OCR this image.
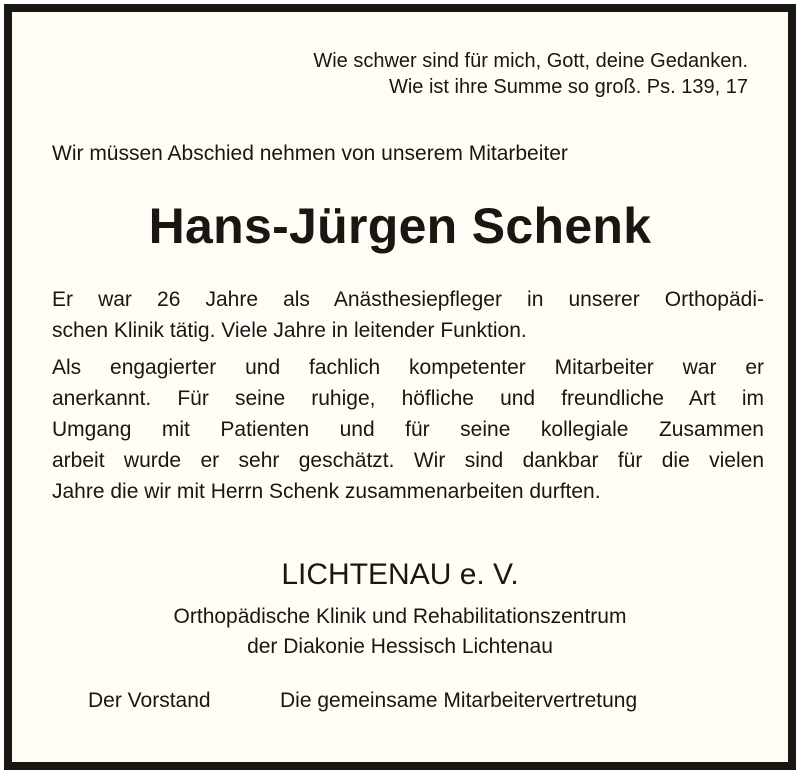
Wie schwer sind für mich, Gott, deine Gedanken.
Wie ist ihre Summe so groß. Ps. 139, 17
Wir müssen Abschied nehmen von unserem Mitarbeiter
Hans-Jürgen Schenk
Er war 26 Jahre als Anästhesiepfleger in unserer Orthopädi-
schen Klinik tätig. Viele Jahre in leitender Funktion.
Als engagierter und fachlich kompetenter Mitarbeiter war er
anerkannt. Für seine ruhige, höfliche und freundliche Art im
Umgang mit Patienten und für seine kollegiale Zusammen
arbeit wurde er sehr geschätzt. Wir sind dankbar für die vielen
Jahre die wir mit Herrn Schenk zusammenarbeiten durften.
LICHTENAU e. V.
Orthopädische Klinik und Rehabilitationszentrum
der Diakonie Hessisch Lichtenau
Der Vorstand	Die gemeinsame Mitarbeitervertretung
